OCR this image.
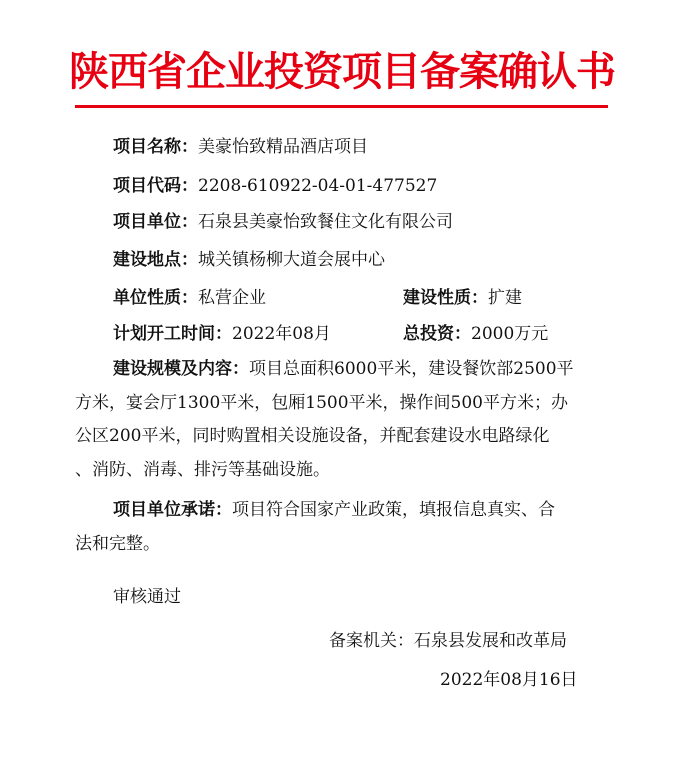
陕西省企业投资项目备案确认书
项目名称：美豪怡致精品酒店项目
项目代码：2208-610922-04-01-477527
项目单位：石泉县美豪怡致餐住文化有限公司
建设地点：城关镇杨柳大道会展中心
单位性质：私营企业	建设性质：扩建
计划开工时间：2022年08月	总投资：2000万元

建设规模及内容：项目总面积6000平米，建设餐饮部2500平

方米，宴会厅1300平米，包厢1500平米，操作间500平方米；办

公区200平米，同时购置相关设施设备，并配套建设水电路绿化

、消防、消毒、排污等基础设施。

项目单位承诺：项目符合国家产业政策，填报信息真实、合

法和完整。

审核通过
备案机关：石泉县发展和改革局
2022年08月16日
